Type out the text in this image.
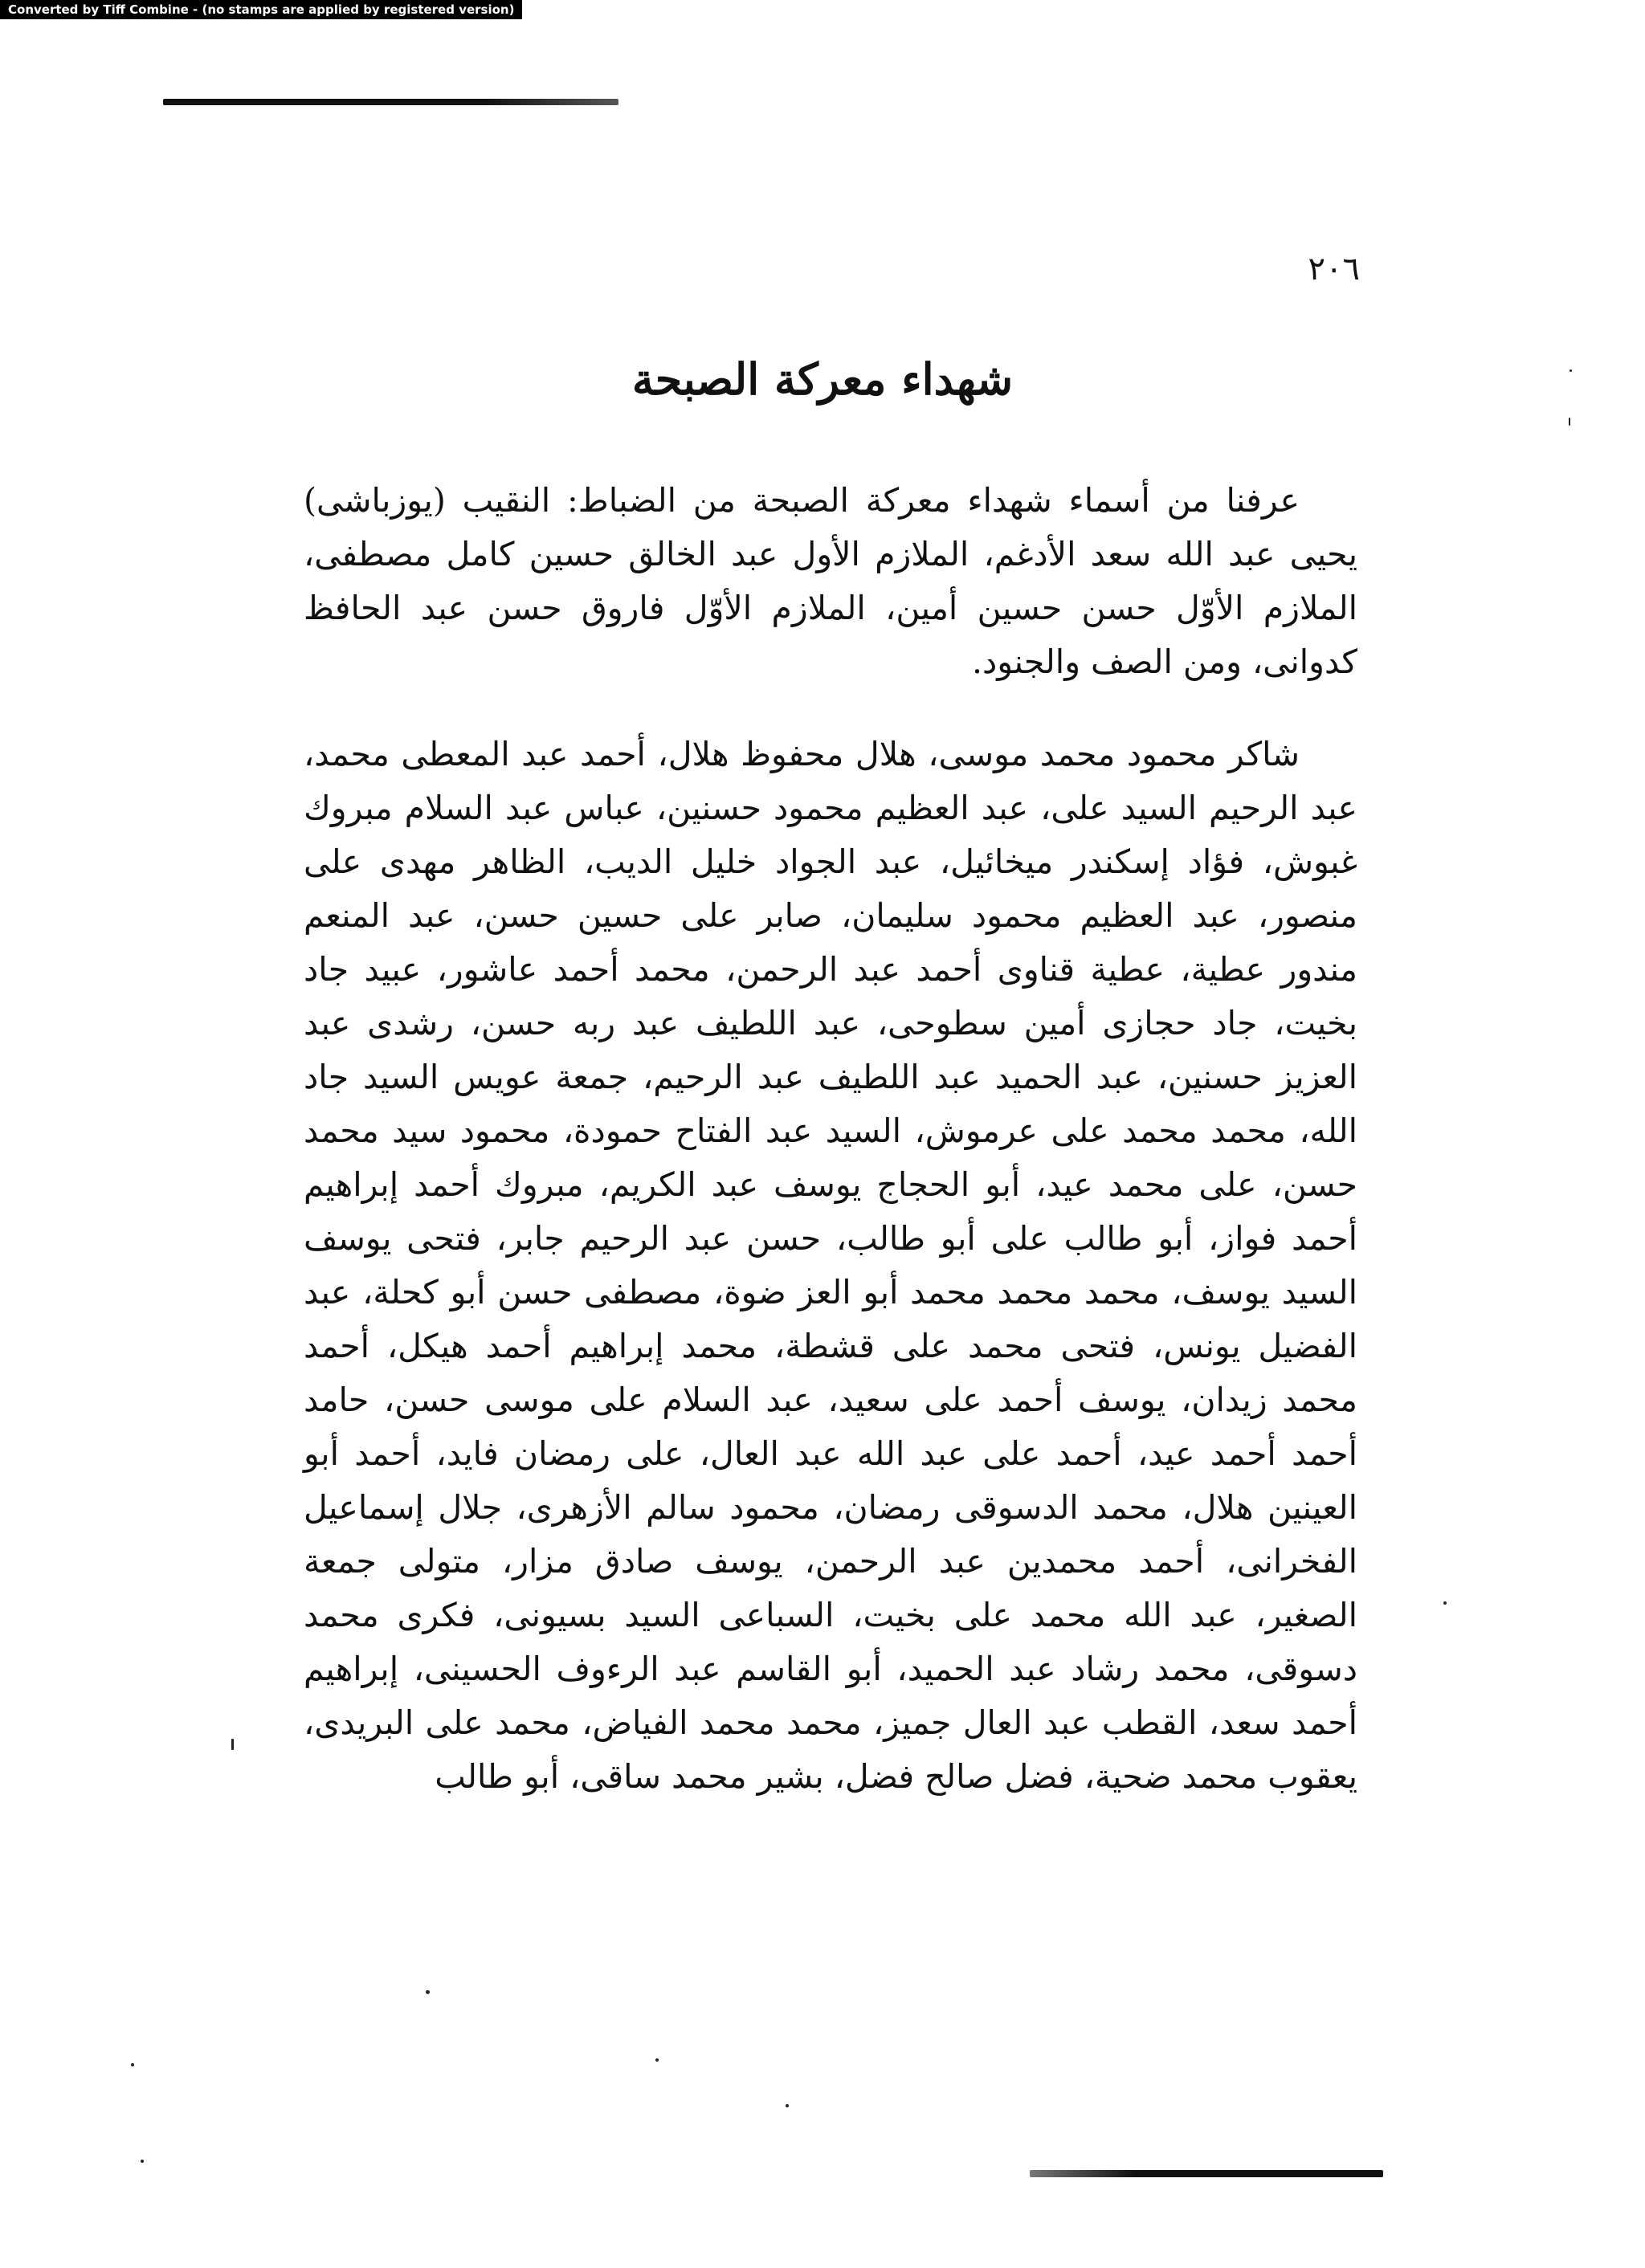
Converted by Tiff Combine - (no stamps are applied by registered version)
٢٠٦
شهداء معركة الصبحة

عرفنا من أسماء شهداء معركة الصبحة من الضباط: النقيب (يوزباشى) يحيى عبد الله سعد الأدغم، الملازم الأول عبد الخالق حسين كامل مصطفى، الملازم الأوّل حسن حسين أمين، الملازم الأوّل فاروق حسن عبد الحافظ كدوانى، ومن الصف والجنود.

شاكر محمود محمد موسى، هلال محفوظ هلال، أحمد عبد المعطى محمد، عبد الرحيم السيد على، عبد العظيم محمود حسنين، عباس عبد السلام مبروك غبوش، فؤاد إسكندر ميخائيل، عبد الجواد خليل الديب، الظاهر مهدى على منصور، عبد العظيم محمود سليمان، صابر على حسين حسن، عبد المنعم مندور عطية، عطية قناوى أحمد عبد الرحمن، محمد أحمد عاشور، عبيد جاد بخيت، جاد حجازى أمين سطوحى، عبد اللطيف عبد ربه حسن، رشدى عبد العزيز حسنين، عبد الحميد عبد اللطيف عبد الرحيم، جمعة عويس السيد جاد الله، محمد محمد على عرموش، السيد عبد الفتاح حمودة، محمود سيد محمد حسن، على محمد عيد، أبو الحجاج يوسف عبد الكريم، مبروك أحمد إبراهيم أحمد فواز، أبو طالب على أبو طالب، حسن عبد الرحيم جابر، فتحى يوسف السيد يوسف، محمد محمد محمد أبو العز ضوة، مصطفى حسن أبو كحلة، عبد الفضيل يونس، فتحى محمد على قشطة، محمد إبراهيم أحمد هيكل، أحمد محمد زيدان، يوسف أحمد على سعيد، عبد السلام على موسى حسن، حامد أحمد أحمد عيد، أحمد على عبد الله عبد العال، على رمضان فايد، أحمد أبو العينين هلال، محمد الدسوقى رمضان، محمود سالم الأزهرى، جلال إسماعيل الفخرانى، أحمد محمدين عبد الرحمن، يوسف صادق مزار، متولى جمعة الصغير، عبد الله محمد على بخيت، السباعى السيد بسيونى، فكرى محمد دسوقى، محمد رشاد عبد الحميد، أبو القاسم عبد الرءوف الحسينى، إبراهيم أحمد سعد، القطب عبد العال جميز، محمد محمد الفياض، محمد على البريدى، يعقوب محمد ضحية، فضل صالح فضل، بشير محمد ساقى، أبو طالب
